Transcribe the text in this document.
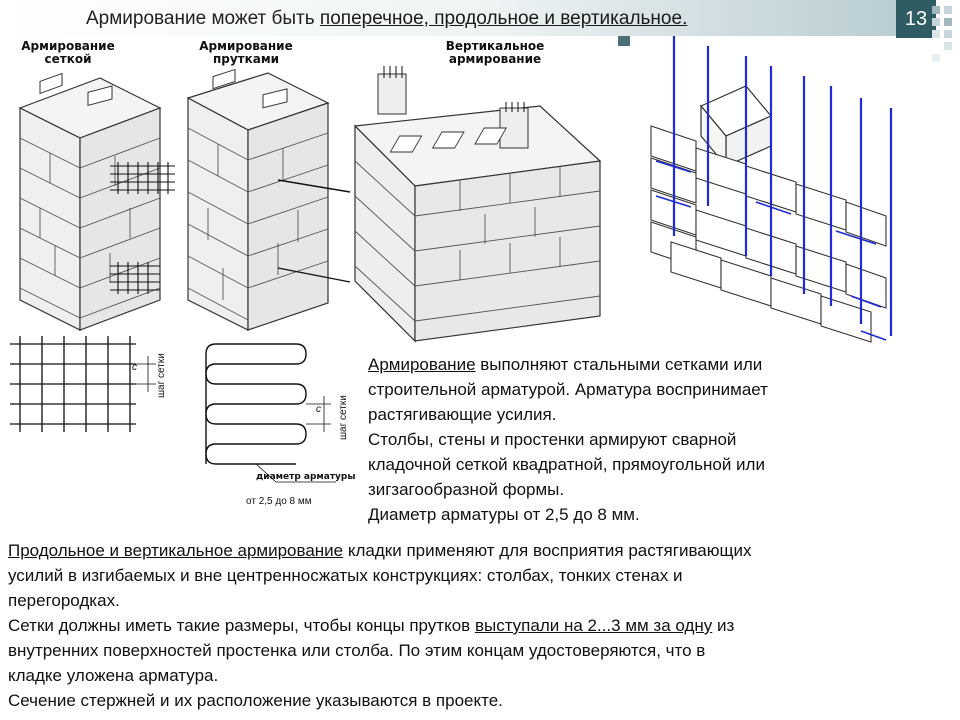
Армирование может быть поперечное, продольное и вертикальное.	13
Армирование
сеткой
Армирование
прутками
Вертикальное
армирование
шаг сетки
c
шаг сетки
c
диаметр арматуры
от 2,5 до 8 мм
Армирование выполняют стальными сетками или
строительной арматурой. Арматура воспринимает
растягивающие усилия.
Столбы, стены и простенки армируют сварной
кладочной сеткой квадратной, прямоугольной или
зигзагообразной формы.
Диаметр арматуры от 2,5 до 8 мм.
Продольное и вертикальное армирование кладки применяют для восприятия растягивающих
усилий в изгибаемых и вне центренносжатых конструкциях: столбах, тонких стенах и
перегородках.
Сетки должны иметь такие размеры, чтобы концы прутков выступали на 2...3 мм за одну из
внутренних поверхностей простенка или столба. По этим концам удостоверяются, что в
кладке уложена арматура.
Сечение стержней и их расположение указываются в проекте.
